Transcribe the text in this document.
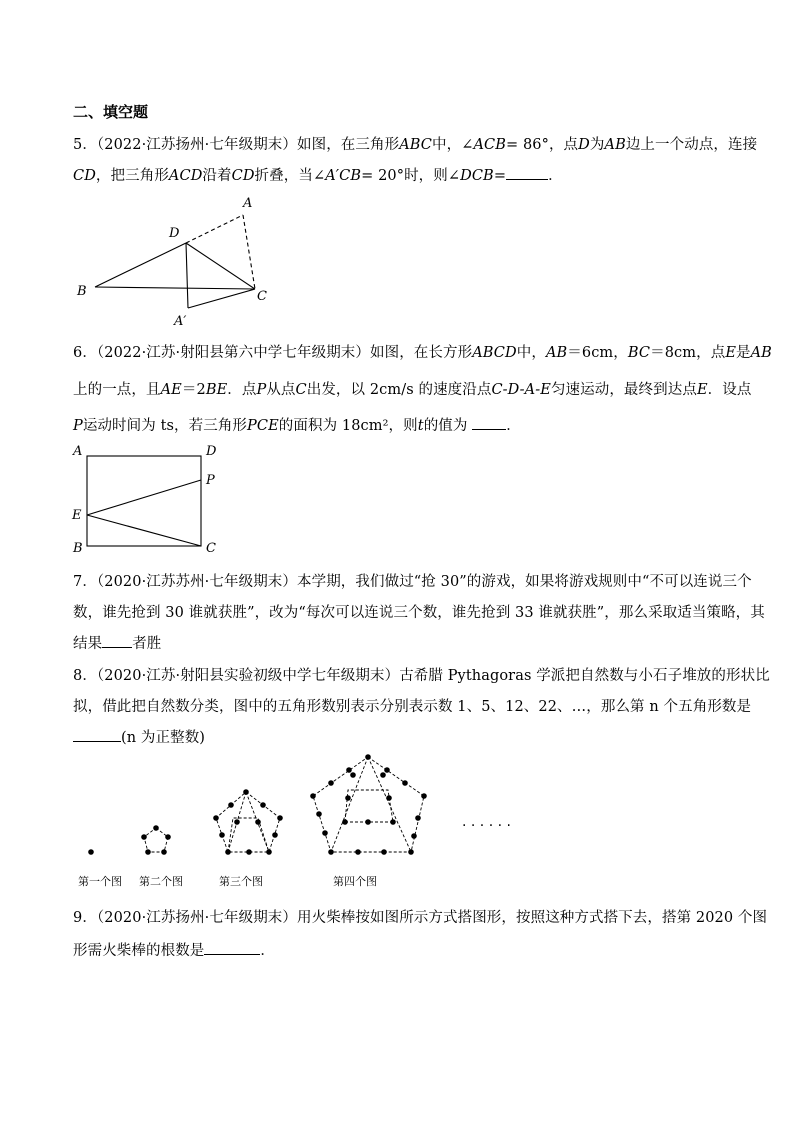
二、填空题
5．（2022·江苏扬州·七年级期末）如图，在三角形ABC中，∠ACB= 86°，点D为AB边上一个动点，连接
CD，把三角形ACD沿着CD折叠，当∠A′CB= 20°时，则∠DCB=	．
A
D
B	C
A′
6．（2022·江苏·射阳县第六中学七年级期末）如图，在长方形ABCD中，AB＝6cm，BC＝8cm，点E是AB
上的一点，且AE＝2BE．点P从点C出发，以 2cm/s 的速度沿点C-D-A-E匀速运动，最终到达点E．设点
P运动时间为 ts，若三角形PCE的面积为 18cm²，则t的值为	．
A	D
P
E
B	C
7．（2020·江苏苏州·七年级期末）本学期，我们做过“抢 30”的游戏，如果将游戏规则中“不可以连说三个
数，谁先抢到 30 谁就获胜”，改为“每次可以连说三个数，谁先抢到 33 谁就获胜”，那么采取适当策略，其
结果 者胜
8．（2020·江苏·射阳县实验初级中学七年级期末）古希腊 Pythagoras 学派把自然数与小石子堆放的形状比
拟，借此把自然数分类，图中的五角形数别表示分别表示数 1、5、12、22、…，那么第 n 个五角形数是
(n 为正整数)
· · · · · ·
第一个图 第二个图	第三个图	第四个图
9．（2020·江苏扬州·七年级期末）用火柴棒按如图所示方式搭图形，按照这种方式搭下去，搭第 2020 个图
形需火柴棒的根数是	．
